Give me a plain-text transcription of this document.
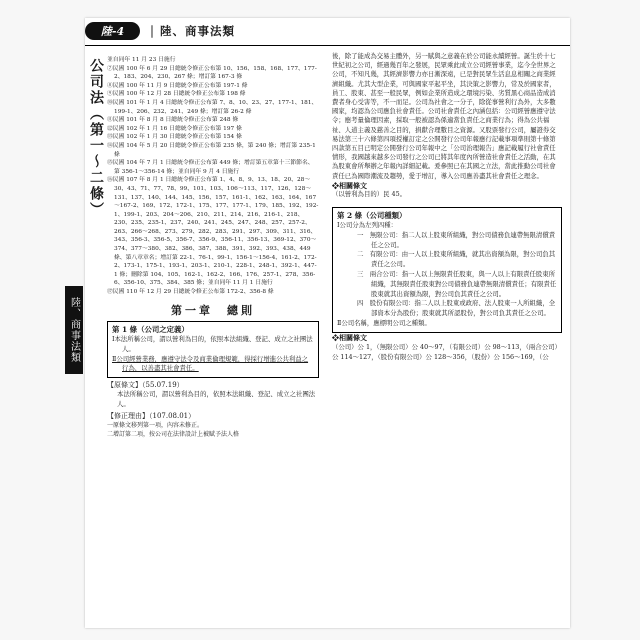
陸-4	｜ 陸、商事法類
陸、商事法類
公司法（第一～二條） 並自同年 11 月 23 日施行

⑦民國 100 年 6 月 29 日總統令修正公布第 10、156、158、168、177、177-2、183、204、230、267 條；增訂第 167-3 條

⑧民國 100 年 11 月 9 日總統令修正公布第 197-1 條

⑨民國 100 年 12 月 28 日總統令修正公布第 198 條

⑩民國 101 年 1 月 4 日總統令修正公布第 7、8、10、23、27、177-1、181、199-1、206、232、241、249 條；增訂第 26-2 條

⑪民國 101 年 8 月 8 日總統令修正公布第 248 條

⑫民國 102 年 1 月 16 日總統令修正公布第 197 條

⑬民國 102 年 1 月 30 日總統令修正公布第 154 條

⑭民國 104 年 5 月 20 日總統令修正公布第 235 條，第 240 條；增訂第 235-1 條

⑮民國 104 年 7 月 1 日總統令修正公布第 449 條；增訂第五章第十三節節名、第 356-1～356-14 條；並自同年 9 月 4 日施行

⑯民國 107 年 8 月 1 日總統令修正公布第 1、4、8、9、13、18、20、28～30、43、71、77、78、99、101、103、106～113、117、126、128～131、137、140、144、145、156、157、161-1、162、163、164、167～167-2、169、172、172-1、175、177、177-1、179、185、192、192-1、199-1、203、204～206、210、211、214、216、216-1、218、230、235、235-1、237、240、241、245、247、248、257、257-2、263、266～268、273、279、282、283、291、297、309、311、316、343、356-3、356-5、356-7、356-9、356-11、356-13、369-12、370～374、377～380、382、386、387、388、391、392、393、438、449 條、第八章章名；增訂第 22-1、76-1、99-1、156-1～156-4、161-2、172-2、173-1、175-1、193-1、203-1、210-1、228-1、248-1、392-1、447-1 條；刪除第 104、105、162-1、162-2、166、176、257-1、278、356-6、356-10、375、384、385 條；並自同年 11 月 1 日施行

⑰民國 110 年 12 月 29 日總統令修正公布第 172-2、356-8 條

第一章　總則

第 1 條（公司之定義）

Ⅰ本法所稱公司，謂以營利為目的，依照本法組織、登記、成立之社團法人。

Ⅱ公司經營業務，應遵守法令及商業倫理規範，得採行增進公共利益之行為，以善盡其社會責任。

【原條文】（55.07.19）

本法所稱公司，謂以營利為目的，依照本法組織、登記、成立之社團法人。

【修正理由】（107.08.01）

一原條文移列第一項，內容未修正。

二增訂第二項，按公司在法律設計上被賦予法人格

後，除了能成為交易主體外，另一賦與之意義在於公司能永續經營。誕生於十七世紀初之公司，經過幾百年之發展，民眾乘此成立公司經營事業，迄今全世界之公司，不知凡幾，其經濟影響力亦日漸深遠，已是對民眾生活息息相關之商業經濟組織。尤其大型企業，可與國家平起平坐，其決策之影響力，常及於國家者，員工、股東、甚至一般民眾，例如企業所造成之環境污染、劣質黑心商品造成消費者身心受害等，不一而足。公司為社會之一分子，除從事營利行為外，大多數國家，均認為公司應負社會責任。公司社會責任之內涵包括：公司經營應遵守法令；應考量倫理因素，採取一般被認為係適當負責任之商業行為；得為公共福祉、人道主義及慈善之目的，捐獻合理數目之資源。又股票發行公司，屬證券交易法第三十六條第四項授權訂定之公開發行公司年報應行記載事項準則第十條第四款第五目已明定公開發行公司年報中之「公司治理報告」應記載履行社會責任情形，我國越來越多公司發行之公司已將其年度內所營造社會責任之活動，在其為股東會所舉辦之年報內詳細記載。爰參照已在其國之立法，當此推動公司社會責任已為國際潮流及趨勢，愛于增訂，導入公司應善盡其社會責任之理念。

❖相關條文

（以營利為目的）民 45。

第 2 條（公司種類）

Ⅰ公司分為左列四種：

一　無限公司：指二人以上股東所組織，對公司債務負連帶無限清償責任之公司。

二　有限公司：由一人以上股東所組織，就其出資額為限，對公司負其責任之公司。

三　兩合公司：指一人以上無限責任股東，與一人以上有限責任股東所組織，其無限責任股東對公司債務負連帶無限清償責任；有限責任股東就其出資額為限，對公司負其責任之公司。

四　股份有限公司：指二人以上股東或政府、法人股東一人所組織，全部資本分為股份；股東就其所認股份，對公司負其責任之公司。

Ⅱ公司名稱，應標明公司之種類。

❖相關條文

（公司）公 1，（無限公司）公 40～97，（有限公司）公 98～113，（兩合公司）公 114～127，（股份有限公司）公 128～356，（股份）公 156～169，（公
